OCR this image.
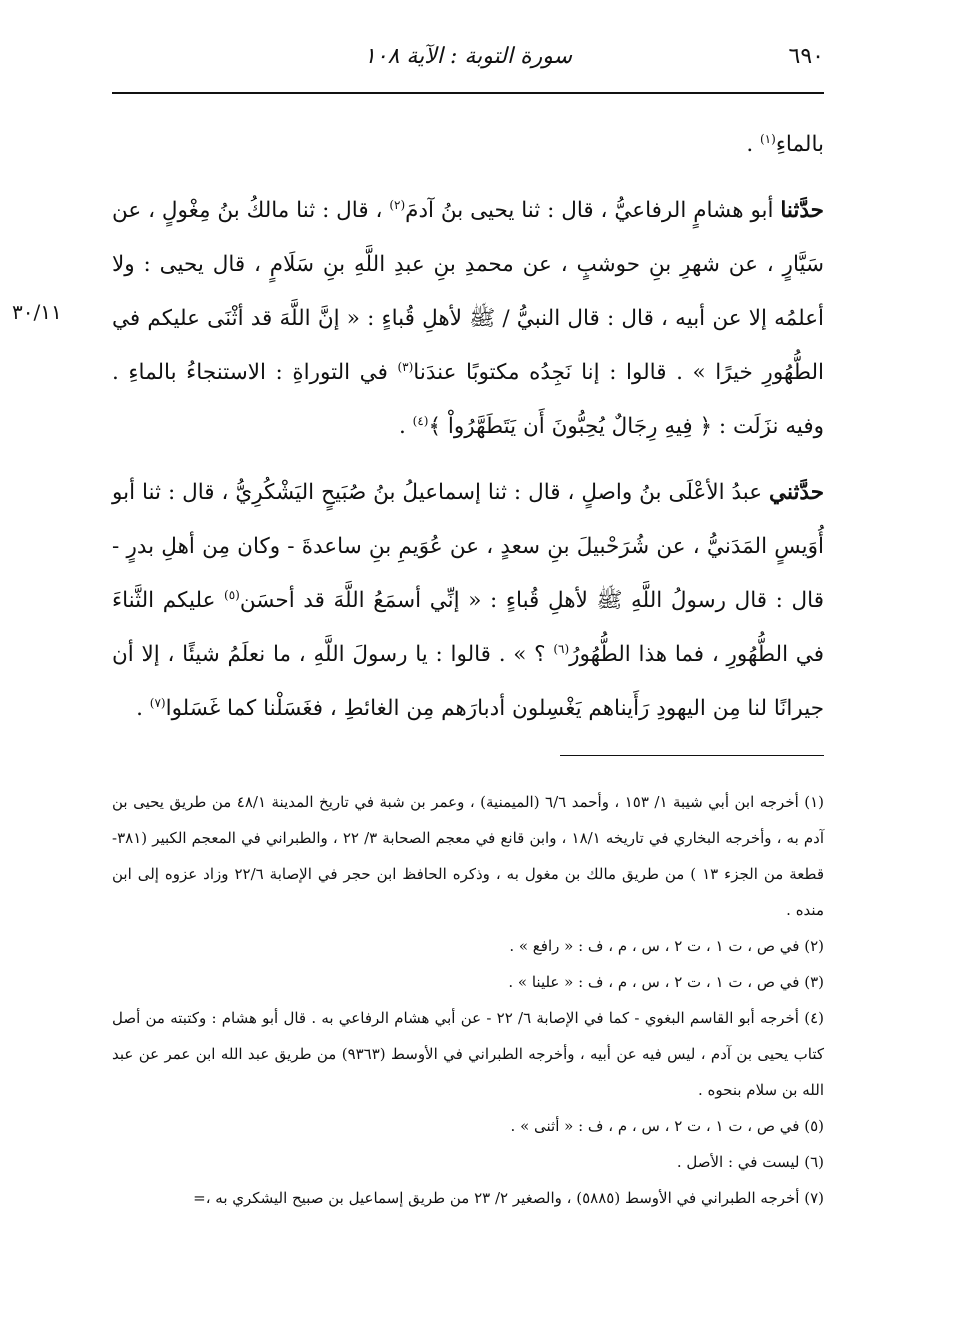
٦٩٠
سورة التوبة : الآية ١٠٨
٣٠/١١

بالماءِ$^{(١)}$ .

حدَّثنا أبو هشامٍ الرفاعيُّ ، قال : ثنا يحيى بنُ آدمَ$^{(٢)}$ ، قال : ثنا مالكُ بنُ مِغْولٍ ، عن سَيَّارٍ ، عن شهرِ بنِ حوشبٍ ، عن محمدِ بنِ عبدِ اللَّهِ بنِ سَلَامٍ ، قال يحيى : ولا أعلمُه إلا عن أبيه ، قال : قال النبيُّ / ﷺ لأهلِ قُباءٍ : « إنَّ اللَّهَ قد أثْنَى عليكم في الطُّهُورِ خيرًا » . قالوا : إنا نَجِدُه مكتوبًا عندَنا$^{(٣)}$ في التوراةِ : الاستنجاءُ بالماءِ . وفيه نزَلَت : ﴿ فِيهِ رِجَالٌ يُحِبُّونَ أَن يَتَطَهَّرُواْ ﴾$^{(٤)}$ .

حدَّثني عبدُ الأعْلَى بنُ واصلٍ ، قال : ثنا إسماعيلُ بنُ صُبَيحٍ اليَشْكُرِيُّ ، قال : ثنا أبو أُوَيسٍ المَدَنيُّ ، عن شُرَحْبيلَ بنِ سعدٍ ، عن عُوَيمِ بنِ ساعدةَ - وكان مِن أهلِ بدرٍ - قال : قال رسولُ اللَّهِ ﷺ لأهلِ قُباءٍ : « إنِّي أسمَعُ اللَّهَ قد أحسَن$^{(٥)}$ عليكم الثَّناءَ في الطُّهُورِ ، فما هذا الطُّهُورُ$^{(٦)}$ ؟ » . قالوا : يا رسولَ اللَّهِ ، ما نعلَمُ شيئًا ، إلا أن جيرانًا لنا مِن اليهودِ رَأَيناهم يَغْسِلون أدبارَهم مِن الغائطِ ، فغَسَلْنا كما غَسَلوا$^{(٧)}$ .

(١) أخرجه ابن أبي شيبة ١/ ١٥٣ ، وأحمد ٦/٦ (الميمنية) ، وعمر بن شبة في تاريخ المدينة ٤٨/١ من طريق يحيى بن آدم به ، وأخرجه البخاري في تاريخه ١٨/١ ، وابن قانع في معجم الصحابة ٣/ ٢٢ ، والطبراني في المعجم الكبير (٣٨١- قطعة من الجزء ١٣ ) من طريق مالك بن مغول به ، وذكره الحافظ ابن حجر في الإصابة ٢٢/٦ وزاد عزوه إلى ابن منده .

(٢) في ص ، ت ١ ، ت ٢ ، س ، م ، ف : « رافع » .

(٣) في ص ، ت ١ ، ت ٢ ، س ، م ، ف : « علينا » .

(٤) أخرجه أبو القاسم البغوي - كما في الإصابة ٦/ ٢٢ - عن أبي هشام الرفاعي به . قال أبو هشام : وكتبته من أصل كتاب يحيى بن آدم ، ليس فيه عن أبيه ، وأخرجه الطبراني في الأوسط (٩٣٦٣) من طريق عبد الله ابن عمر عن عبد الله بن سلام بنحوه .

(٥) في ص ، ت ١ ، ت ٢ ، س ، م ، ف : « أثنى » .

(٦) ليست في : الأصل .

(٧) أخرجه الطبراني في الأوسط (٥٨٨٥) ، والصغير ٢/ ٢٣ من طريق إسماعيل بن صبيح اليشكري به ،=
